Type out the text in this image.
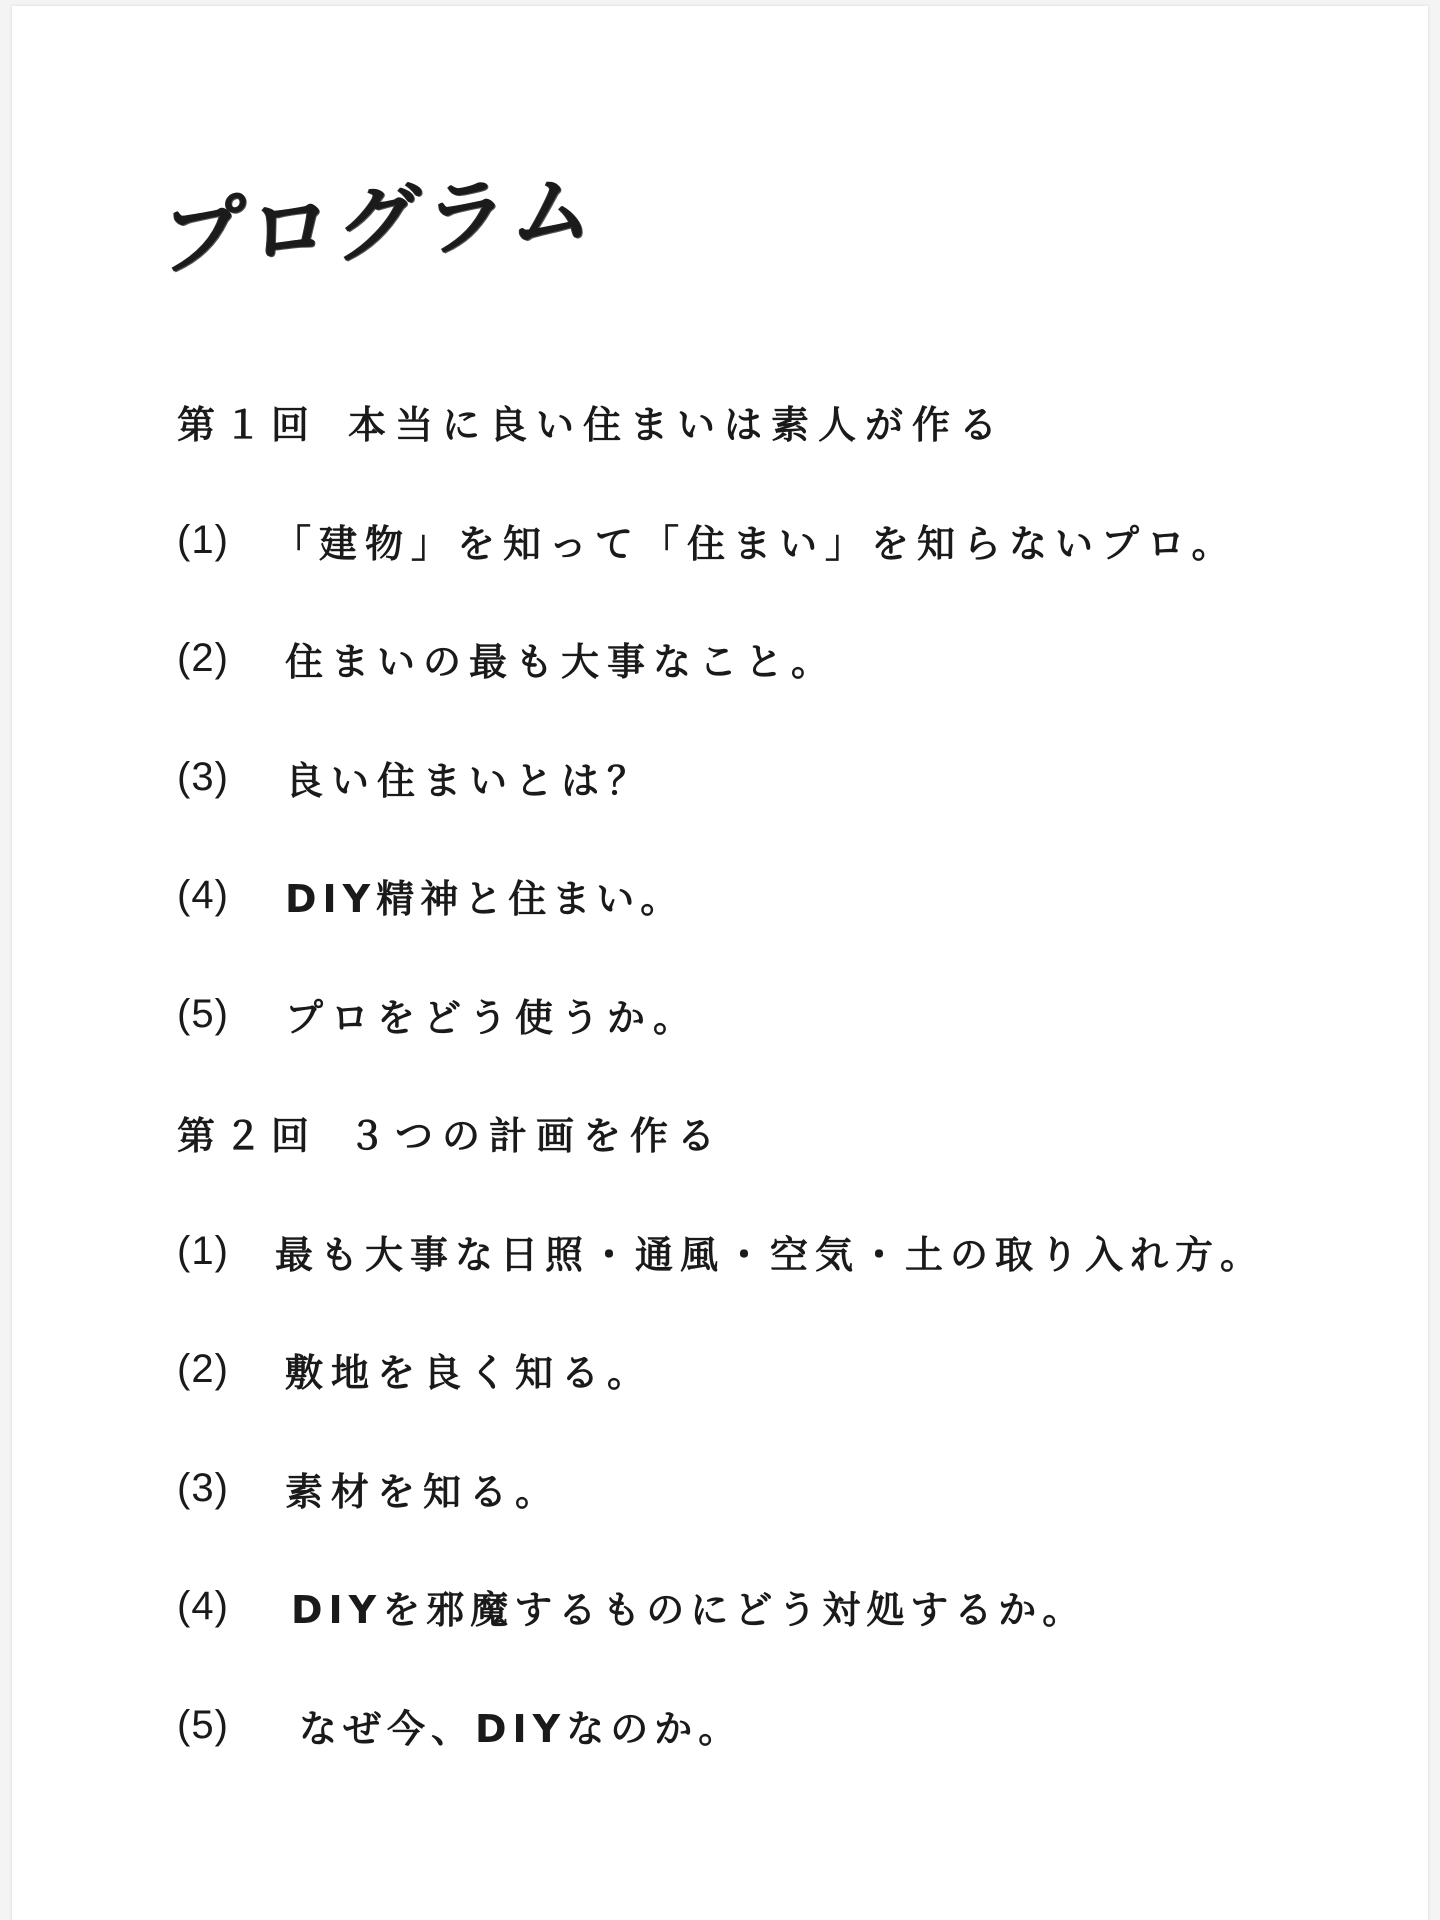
プログラム
第１回 本当に良い住まいは素人が作る
(1)	「建物」を知って「住まい」を知らないプロ。
(2)	住まいの最も大事なこと。
(3)	良い住まいとは？
(4)	DIY精神と住まい。
(5)	プロをどう使うか。
第２回 ３つの計画を作る
(1)	最も大事な日照・通風・空気・土の取り入れ方。
(2)	敷地を良く知る。
(3)	素材を知る。
(4)	DIYを邪魔するものにどう対処するか。
(5)	なぜ今、DIYなのか。
